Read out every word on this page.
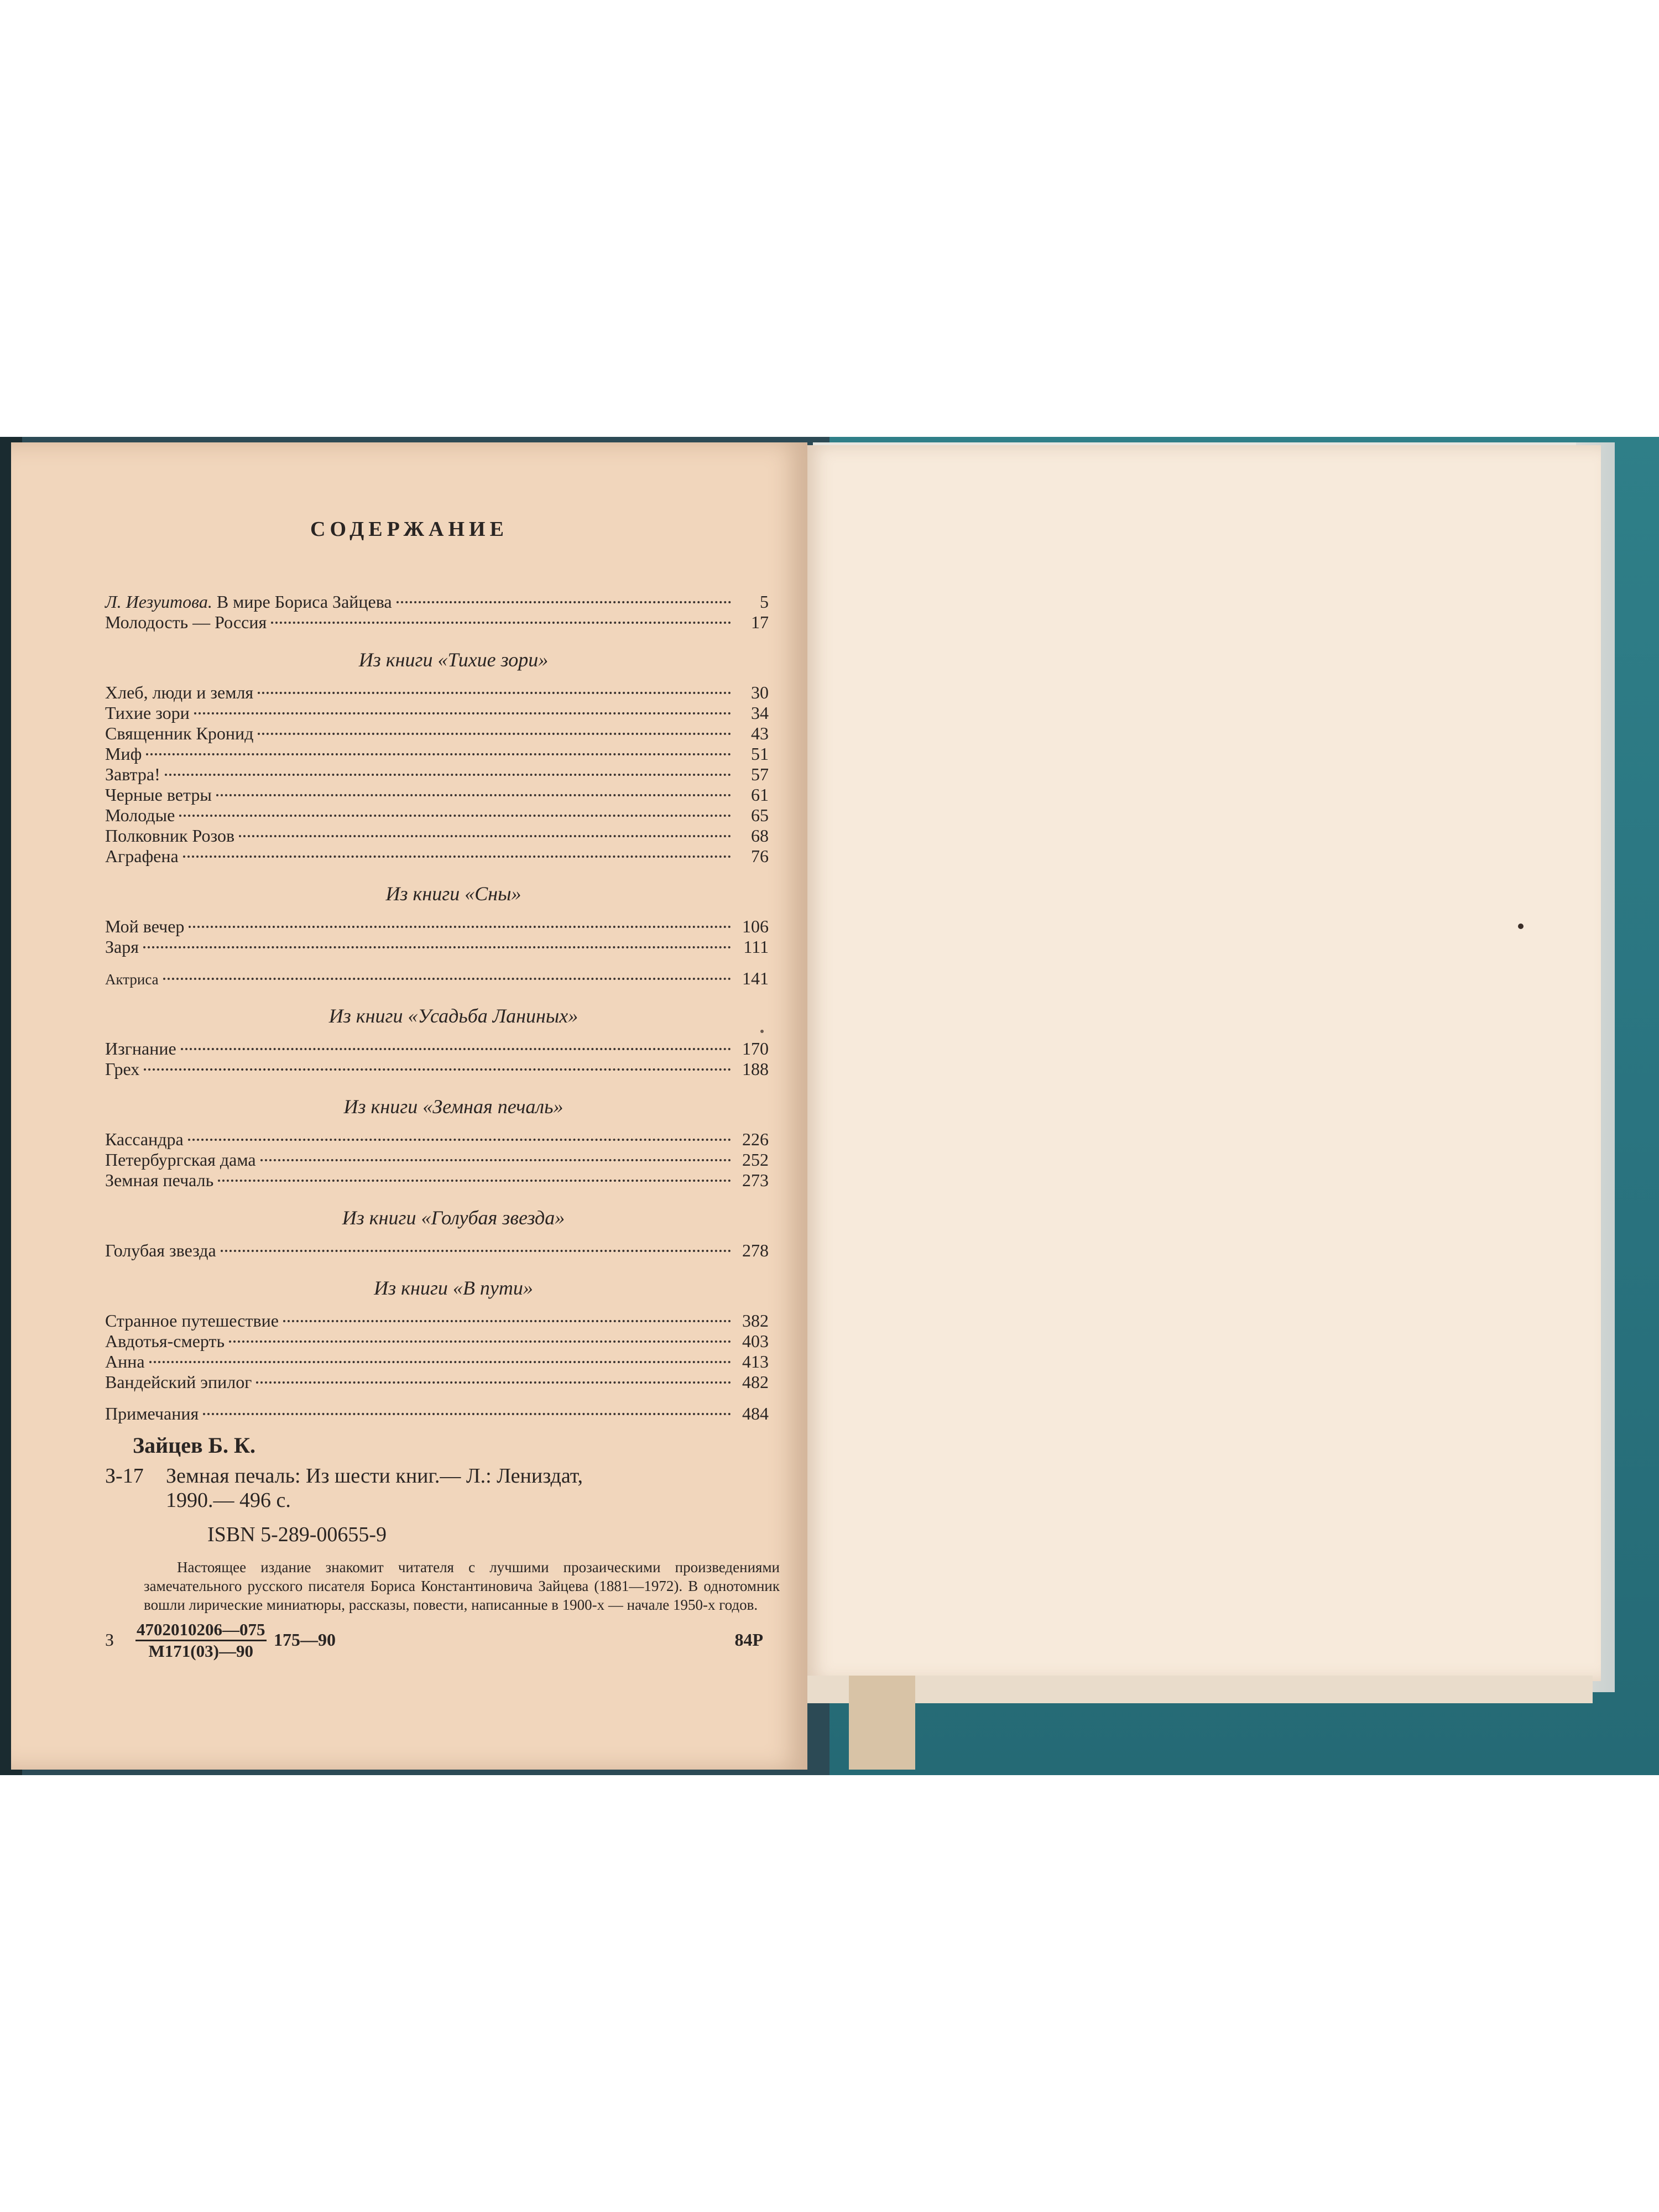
СОДЕРЖАНИЕ
Л. Иезуитова. В мире Бориса Зайцева	5
Молодость — Россия	17
Из книги «Тихие зори»
Хлеб, люди и земля	30
Тихие зори	34
Священник Кронид	43
Миф	51
Завтра!	57
Черные ветры	61
Молодые	65
Полковник Розов	68
Аграфена	76
Из книги «Сны»
Мой вечер	106
Заря	111
Актриса	141
Из книги «Усадьба Ланиных»
Изгнание	170
Грех	188
Из книги «Земная печаль»
Кассандра	226
Петербургская дама	252
Земная печаль	273
Из книги «Голубая звезда»
Голубая звезда	278
Из книги «В пути»
Странное путешествие	382
Авдотья-смерть	403
Анна	413
Вандейский эпилог	482
Примечания	484
Зайцев Б. К.
З-17	Земная печаль: Из шести книг.— Л.: Лениздат,
1990.— 496 с.
ISBN 5-289-00655-9
Настоящее издание знакомит читателя с лучшими прозаическими произведениями замечательного русского писателя Бориса Константиновича Зайцева (1881—1972). В однотомник вошли лирические миниатюры, рассказы, повести, написанные в 1900-х — начале 1950-х годов.
З
4702010206—075
М171(03)—90
175—90	84Р
